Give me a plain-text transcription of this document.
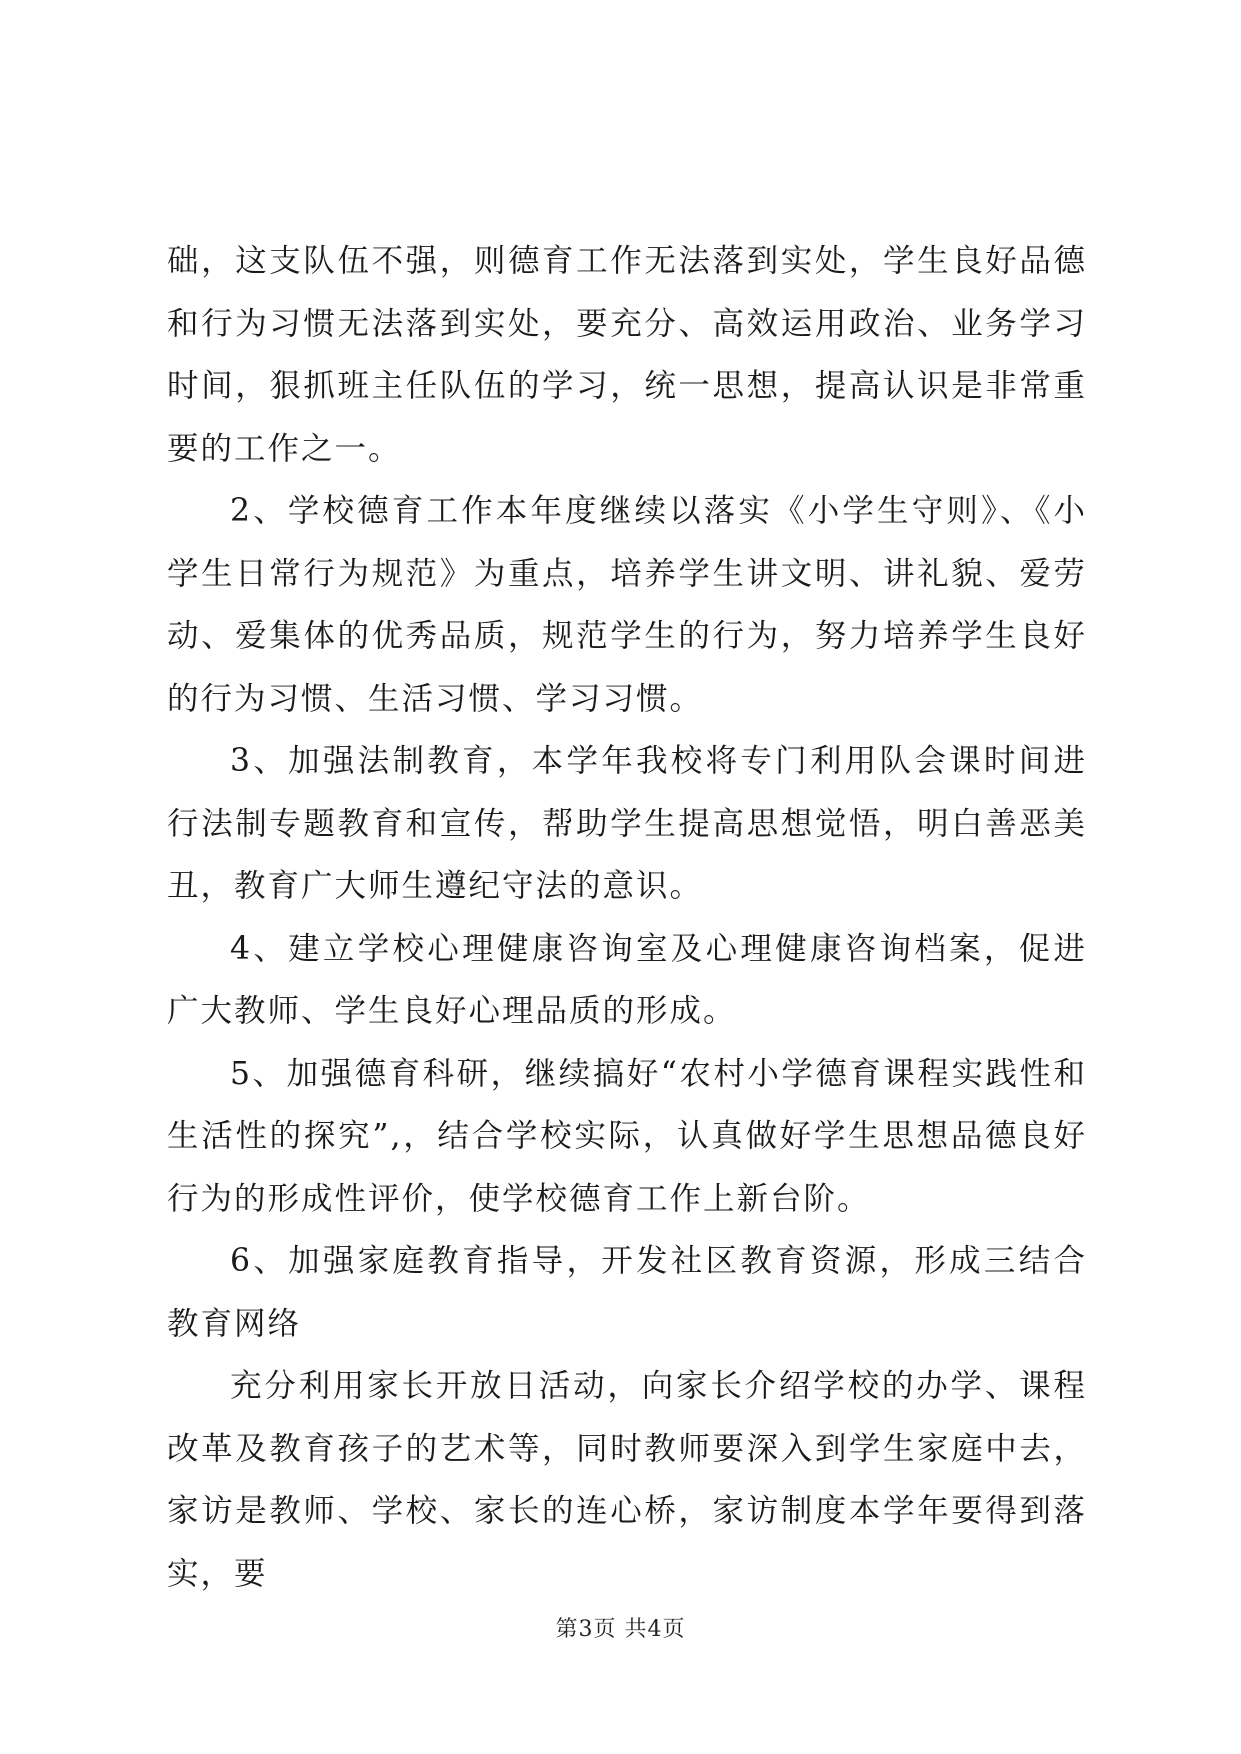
础，这支队伍不强，则德育工作无法落到实处，学生良好品德和行为习惯无法落到实处，要充分、高效运用政治、业务学习时间，狠抓班主任队伍的学习，统一思想，提高认识是非常重要的工作之一。

2、学校德育工作本年度继续以落实《小学生守则》、《小学生日常行为规范》为重点，培养学生讲文明、讲礼貌、爱劳动、爱集体的优秀品质，规范学生的行为，努力培养学生良好的行为习惯、生活习惯、学习习惯。

3、加强法制教育，本学年我校将专门利用队会课时间进行法制专题教育和宣传，帮助学生提高思想觉悟，明白善恶美丑，教育广大师生遵纪守法的意识。

4、建立学校心理健康咨询室及心理健康咨询档案，促进广大教师、学生良好心理品质的形成。

5、加强德育科研，继续搞好“农村小学德育课程实践性和生活性的探究”,，结合学校实际，认真做好学生思想品德良好行为的形成性评价，使学校德育工作上新台阶。

6、加强家庭教育指导，开发社区教育资源，形成三结合教育网络

充分利用家长开放日活动，向家长介绍学校的办学、课程改革及教育孩子的艺术等，同时教师要深入到学生家庭中去，家访是教师、学校、家长的连心桥，家访制度本学年要得到落实，要

第3页 共4页
